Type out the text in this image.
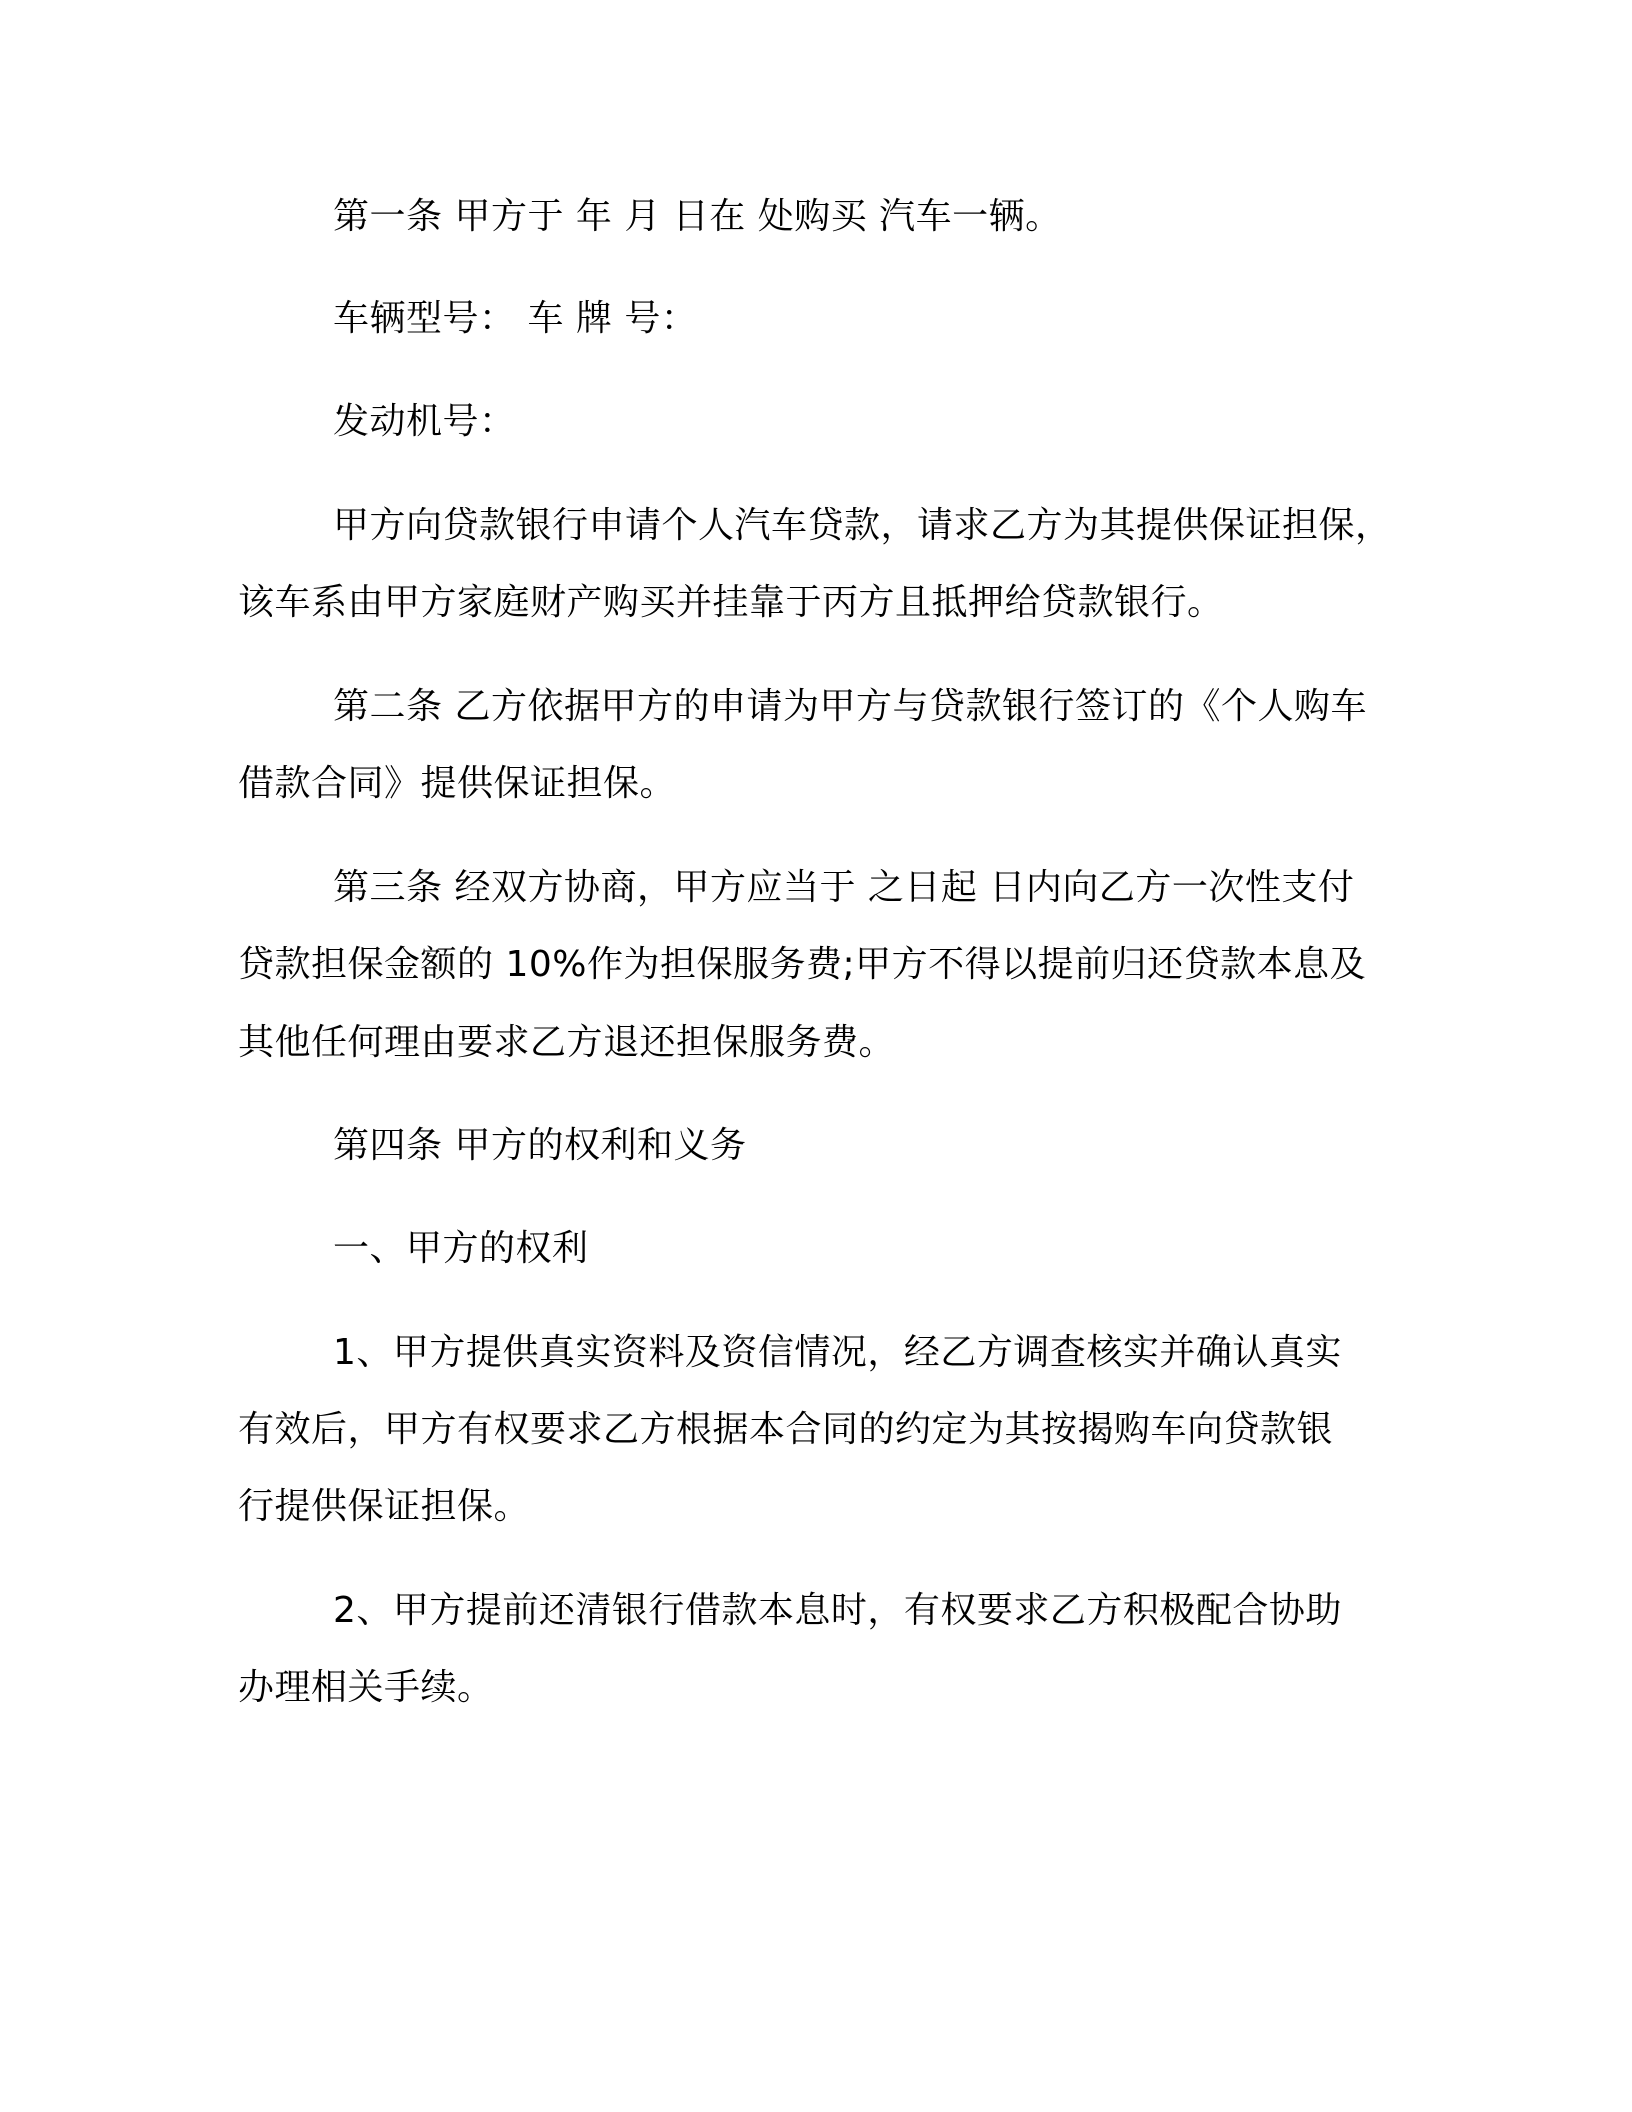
第一条 甲方于 年 月 日在 处购买 汽车一辆。
车辆型号： 车 牌 号：
发动机号：
甲方向贷款银行申请个人汽车贷款，请求乙方为其提供保证担保，
该车系由甲方家庭财产购买并挂靠于丙方且抵押给贷款银行。
第二条 乙方依据甲方的申请为甲方与贷款银行签订的《个人购车
借款合同》提供保证担保。
第三条 经双方协商，甲方应当于 之日起 日内向乙方一次性支付
贷款担保金额的 10%作为担保服务费;甲方不得以提前归还贷款本息及
其他任何理由要求乙方退还担保服务费。
第四条 甲方的权利和义务
一、甲方的权利
1、甲方提供真实资料及资信情况，经乙方调查核实并确认真实
有效后，甲方有权要求乙方根据本合同的约定为其按揭购车向贷款银
行提供保证担保。
2、甲方提前还清银行借款本息时，有权要求乙方积极配合协助
办理相关手续。
